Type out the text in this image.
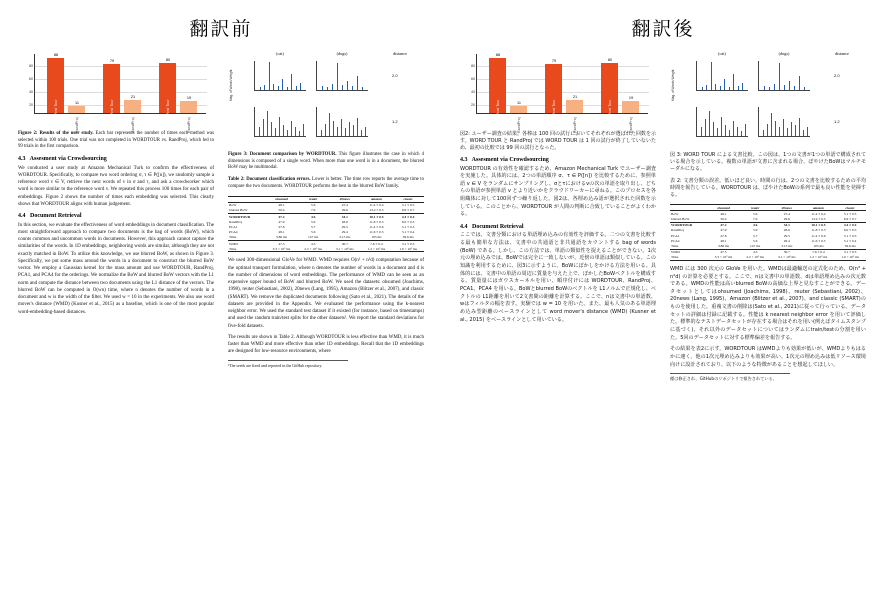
翻訳前	翻訳後
20
40
60
80
88
Word Tour	11
RandProj
79
Word Tour
21
RandProj
80
Word Tour
19
RandProj

Figure 2: Results of the user study. Each bar represents the number of times each method was selected within 100 trials. One trial was not completed in WORDTOUR vs. RandProj, which led to 99 trials in the first comparison.

4.3 Assesment via Crowdsourcing

We conducted a user study at Amazon Mechanical Turk to confirm the effectiveness of WORDTOUR. Specifically, to compare two word ordering σ, τ ∈ P([n]), we randomly sample a reference word v ∈ V, retrieve the next words of v in σ and τ, and ask a crowdworker which word is more similar to the reference word v. We repeated this process 100 times for each pair of embeddings. Figure 2 shows the number of times each embedding was selected. This clearly shows that WORDTOUR aligns with human judgement.

4.4 Document Retrieval

In this section, we evaluate the effectiveness of word embeddings in document classification. The most straightforward approach to compare two documents is the bag of words (BoW), which counts common and uncommon words in documents. However, this approach cannot capture the similarities of the words. In 1D embeddings, neighboring words are similar, although they are not exactly matched in BoW. To utilize this knowledge, we use blurred BoW, as shown in Figure 3. Specifically, we put some mass around the words in a document to construct the blurred BoW vector. We employ a Gaussian kernel for the mass amount and use WORDTOUR, RandProj, PCA1, and PCA4 for the orderings. We normalize the BoW and blurred BoW vectors with the L1 norm and compute the distance between two documents using the L1 distance of the vectors. The blurred BoW can be computed in O(wn) time, where n denotes the number of words in a document and w is the width of the filter. We used w = 10 in the experiments. We also use word mover's distance (WMD) (Kusner et al., 2015) as a baseline, which is one of the most popular word-embedding-based distances.

(cat)	(dogs)	distance
Mag. of Words Weight	2.0
1.2

Figure 3: Document comparison by WORDTOUR. This figure illustrates the case in which 4 dimensions is composed of a single word. When more than one word is in a document, the blurred BoW may be multimodal.

Table 2: Document classification errors. Lower is better. The time row reports the average time to compare the two documents. WORDTOUR performs the best in the blurred BoW family.

	ohsumed	reuter	20news	amazon	classic
BoW	48.1	5.6	27.4	11.4 ± 0.4	5.1 ± 0.5
blurred BoW	50.4	7.9	29.6	13.2 ± 0.5	6.9 ± 0.7
WORDTOUR	47.2	4.6	34.1	10.1 ± 0.5	4.4 ± 0.4
RandProj	47.9	5.9	28.6	11.8 ± 0.5	6.0 ± 0.5
PCA1	47.8	5.7	29.5	11.4 ± 0.6	5.1 ± 0.3
PCA4	48.1	5.6	29.4	11.6 ± 0.5	5.1 ± 0.4
Time	3.86 ms	147 ms	3.15 ms	105 ms	39.6 ms
WMD	47.5	4.3	30.7	7.6 ± 0.4	3.1 ± 0.3
Time	3.3 × 10³ ms	2.2 × 10³ ms	3.1 × 10³ ms	1.2 × 10³ ms	1.0 × 10³ ms

We used 300-dimensional GloVe for WMD. WMD requires O(n² + n²d) computation because of the optimal transport formulation, where n denotes the number of words in a document and d is the number of dimensions of word embeddings. The performance of WMD can be seen as an expensive upper bound of BoW and blurred BoW. We used the datasets: ohsumed (Joachims, 1998), reuter (Sebastiani, 2002), 20news (Lang, 1995), Amazon (Blitzer et al., 2007), and classic (SMART). We remove the duplicated documents following (Sato et al., 2021). The details of the datasets are provided in the Appendix. We evaluated the performance using the k-nearest neighbor error. We used the standard test dataset if it existed (for instance, based on timestamps) and used the random train/test splits for the other datasets¹. We report the standard deviations for five-fold datasets.

The results are shown in Table 2. Although WORDTOUR is less effective than WMD, it is much faster than WMD and more effective than other 1D embeddings. Recall that the 1D embeddings are designed for low-resource environments, where

¹The seeds are fixed and reported in the GitHub repository.
20
40
60
80
88
Word Tour	11
RandProj
79
Word Tour
21
RandProj
80
Word Tour
19
RandProj

図2: ユーザー調査の結果。各棒は 100 回の試行においてそれぞれが選ばれた回数を示す。WORD TOUR と RandProj では WORD TOUR は 1 回の試行が終了していないため、最初の比較では 99 回の試行となった。

4.3 Assesment via Crowdsourcing

WORDTOUR の有効性を確認するため、Amazon Mechanical Turk でユーザー調査を実施した。具体的には、2つの単語順序 σ、τ ∈ P([n]) を比較するために、参照単語 v ∈ V をランダムにサンプリングし、σとτにおけるvの次の単語を取り出し、どちらの単語が参照単語 v とより近いかをクラウドワーカーに尋ねる。このプロセスを各組織体に対して100回ずつ繰り返した。図2は、各埋め込み語が選択された回数を示している。このことから、WORDTOUR が人間の判断に合致していることがよくわかる。

4.4 Document Retrieval

ここでは、文書分類における単語埋め込みの有効性を評価する。二つの文書を比較する最も簡単な方法は、文書中の共通語と非共通語をカウントする bag of words (BoW) である。しかし、この方法では、単語の類似性を捉えることができない。1次元の埋め込みでは、BoWでは完全に一致しないが、近傍の単語は類似している。この知識を利用するために、図3に示すように、BoWにぼかしをかける方法を用いる。具体的には、文書中の単語の周辺に質量を与えた上で、ぼかしたBoWベクトルを構成する。質量量にはガウスカーネルを用い、順序付けには WORDTOUR、RandProj、PCA1、PCA4 を用いる。BoWとblurred BoWのベクトルを L1ノルムで正規化し、ベクトルの L1距離を用いて2文書間の距離を計算する。ここで、nは文書中の単語数、wはフィルタの幅を表す。実験では w = 10 を用いた。また、最も人気のある単語埋め込み型距離のベースラインとして word mover's distance (WMD) (Kusner et al., 2015) をベースラインとして用いている。

(cat)	(dogs)	distance
Mag. of Words Weight	2.0
1.2

図 3: WORD TOUR による文書比較。この図は、1つの文書が1つの単語で構成されている場合を示している。複数の単語が文書に含まれる場合、ぼやけたBoWはマルチモーダルになる。

表 2: 文書分類の誤差。低いほど良い。時間の行は、2つの文書を比較するための平均時間を報告している。WORDTOUR は、ぼやけたBoWの系列で最も良い性能を発揮する。

	ohsumed	reuter	20news	amazon	classic
BoW	48.1	5.6	27.4	11.4 ± 0.4	5.1 ± 0.5
blurred BoW	50.4	7.9	29.6	13.2 ± 0.5	6.9 ± 0.7
WORDTOUR	47.2	4.6	34.1	10.1 ± 0.5	4.4 ± 0.4
RandProj	47.9	5.9	28.6	11.8 ± 0.5	6.0 ± 0.5
PCA1	47.8	5.7	29.5	11.4 ± 0.6	5.1 ± 0.3
PCA4	48.1	5.6	29.4	11.6 ± 0.5	5.1 ± 0.4
Time	3.86 ms	147 ms	3.15 ms	105 ms	39.6 ms
WMD	47.5	4.3	30.7	7.6 ± 0.4	3.1 ± 0.3
Time	3.3 × 10³ ms	2.2 × 10³ ms	3.1 × 10³ ms	1.2 × 10³ ms	1.0 × 10³ ms

WMD には 300 次元の GloVe を用いた。WMDは最適輸送の定式化のため、O(n³ + n²d) の計算を必要とする。ここで、nは文書中の単語数、dは単語埋め込みの次元数である。WMDの性能は高いblurred BoWの高価な上界と見なすことができる。データセットとしてはohsumed (Joachims, 1998)、reuter (Sebastiani, 2002)、20news (Lang, 1995)、Amazon (Blitzer et al., 2007)、and classic (SMART)のものを使用した。重複文書の削除は(Sato et al., 2021)に従って行っている。データセットの詳細は付録に記載する。性能は k nearest neighbor error を用いて評価した。標準的なテストデータセットが存在する場合はそれを用い(例えばタイムスタンプに基づく)、それ以外のデータセットについてはランダムにtrain/testの分割を用いた。5回のデータセットに対する標準偏差を報告する。

その結果を表2に示す。WORDTOUR はWMDよりも効果が低いが、WMDよりもはるかに速く、他の1次元埋め込みよりも効果が高い。1次元の埋め込みは低リソース環境向けに設計されており、以下のような特徴があることを想起してほしい。

種は修正され、GitHubのリポジトリで報告されている。
